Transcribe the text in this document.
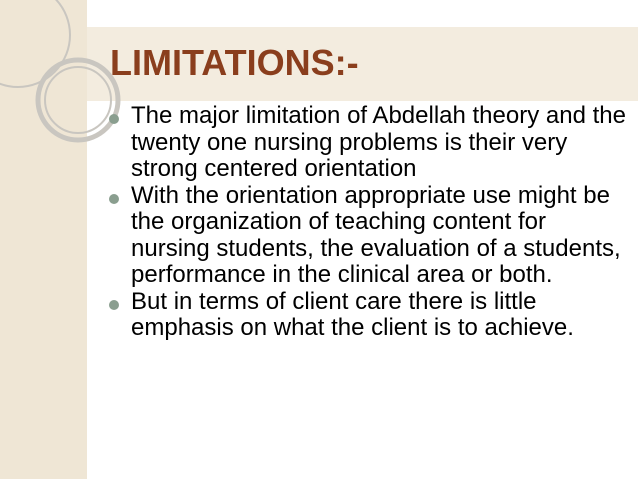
LIMITATIONS:-
The major limitation of Abdellah theory and the twenty one nursing problems is their very strong centered orientation
With the orientation appropriate use might be the organization of teaching content for nursing students, the evaluation of a students, performance in the clinical area or both.
But in terms of client care there is little emphasis on what the client is to achieve.
